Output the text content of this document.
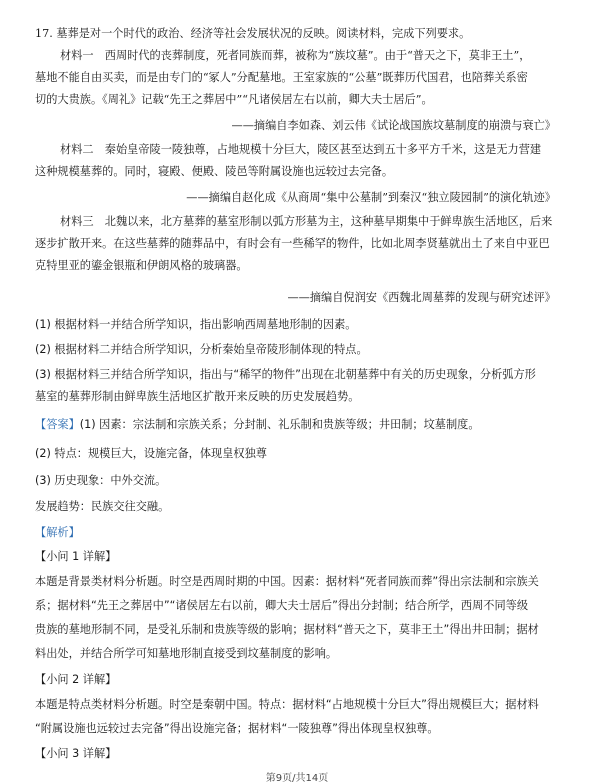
17. 墓葬是对一个时代的政治、经济等社会发展状况的反映。阅读材料，完成下列要求。
材料一　西周时代的丧葬制度，死者同族而葬，被称为“族坟墓”。由于“普天之下，莫非王土”，
墓地不能自由买卖，而是由专门的“冢人”分配墓地。王室家族的“公墓”既葬历代国君，也陪葬关系密
切的大贵族。《周礼》记载“先王之葬居中”“凡诸侯居左右以前，卿大夫士居后”。
——摘编自李如森、刘云伟《试论战国族坟墓制度的崩溃与衰亡》
材料二　秦始皇帝陵一陵独尊，占地规模十分巨大，陵区甚至达到五十多平方千米，这是无力营建
这种规模墓葬的。同时，寝殿、便殿、陵邑等附属设施也远较过去完备。
——摘编自赵化成《从商周“集中公墓制”到秦汉“独立陵园制”的演化轨迹》
材料三　北魏以来，北方墓葬的墓室形制以弧方形墓为主，这种墓早期集中于鲜卑族生活地区，后来
逐步扩散开来。在这些墓葬的随葬品中，有时会有一些稀罕的物件，比如北周李贤墓就出土了来自中亚巴
克特里亚的鎏金银瓶和伊朗风格的玻璃器。
——摘编自倪润安《西魏北周墓葬的发现与研究述评》
(1) 根据材料一并结合所学知识，指出影响西周墓地形制的因素。
(2) 根据材料二并结合所学知识，分析秦始皇帝陵形制体现的特点。
(3) 根据材料三并结合所学知识，指出与“稀罕的物件”出现在北朝墓葬中有关的历史现象，分析弧方形
墓室的墓葬形制由鲜卑族生活地区扩散开来反映的历史发展趋势。
【答案】(1) 因素：宗法制和宗族关系；分封制、礼乐制和贵族等级；井田制；坟墓制度。
(2) 特点：规模巨大，设施完备，体现皇权独尊
(3) 历史现象：中外交流。
发展趋势：民族交往交融。
【解析】
【小问 1 详解】
本题是背景类材料分析题。时空是西周时期的中国。因素：据材料“死者同族而葬”得出宗法制和宗族关
系；据材料“先王之葬居中”“诸侯居左右以前，卿大夫士居后”得出分封制；结合所学，西周不同等级
贵族的墓地形制不同，是受礼乐制和贵族等级的影响；据材料“普天之下，莫非王土”得出井田制；据材
料出处，并结合所学可知墓地形制直接受到坟墓制度的影响。
【小问 2 详解】
本题是特点类材料分析题。时空是秦朝中国。特点：据材料“占地规模十分巨大”得出规模巨大；据材料
“附属设施也远较过去完备”得出设施完备；据材料“一陵独尊”得出体现皇权独尊。
【小问 3 详解】
第9页/共14页
